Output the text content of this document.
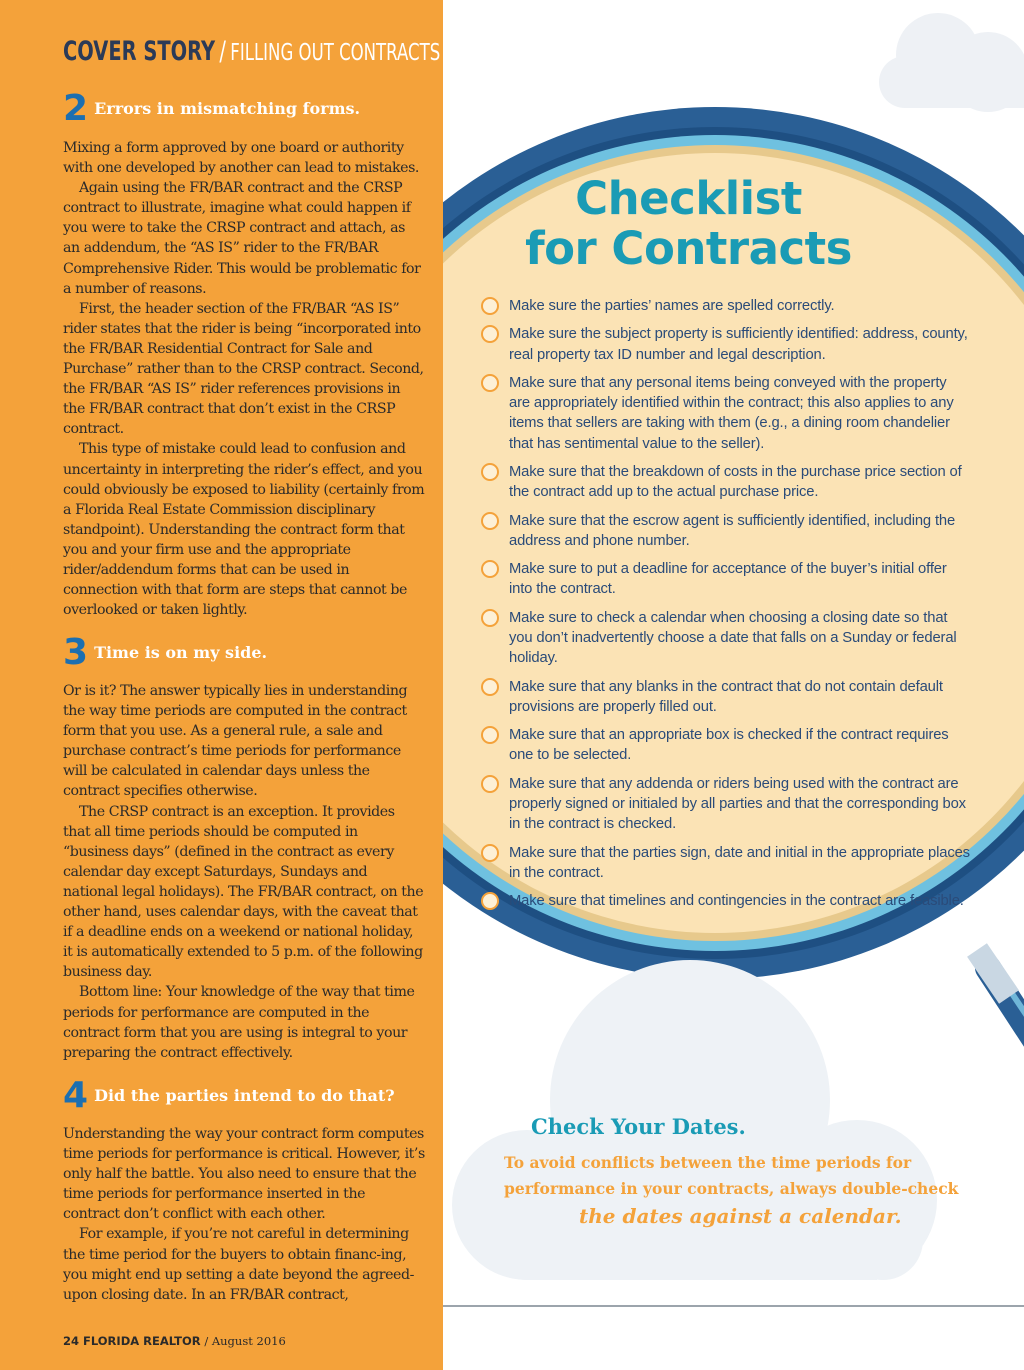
COVER STORY / FILLING OUT CONTRACTS
2 Errors in mismatching forms.

Mixing a form approved by one board or authority with one developed by another can lead to mistakes.

Again using the FR/BAR contract and the CRSP contract to illustrate, imagine what could happen if you were to take the CRSP contract and attach, as an addendum, the “AS IS” rider to the FR/BAR Comprehensive Rider. This would be problematic for a number of reasons.

First, the header section of the FR/BAR “AS IS” rider states that the rider is being “incorporated into the FR/BAR Residential Contract for Sale and Purchase” rather than to the CRSP contract. Second, the FR/BAR “AS IS” rider references provisions in the FR/BAR contract that don’t exist in the CRSP contract.

This type of mistake could lead to confusion and uncertainty in interpreting the rider’s effect, and you could obviously be exposed to liability (certainly from a Florida Real Estate Commission disciplinary standpoint). Understanding the contract form that you and your firm use and the appropriate rider/addendum forms that can be used in connection with that form are steps that cannot be overlooked or taken lightly.

3 Time is on my side.

Or is it? The answer typically lies in understanding the way time periods are computed in the contract form that you use. As a general rule, a sale and purchase contract’s time periods for performance will be calculated in calendar days unless the contract specifies otherwise.

The CRSP contract is an exception. It provides that all time periods should be computed in “business days” (defined in the contract as every calendar day except Saturdays, Sundays and national legal holidays). The FR/BAR contract, on the other hand, uses calendar days, with the caveat that if a deadline ends on a weekend or national holiday, it is automatically extended to 5 p.m. of the following business day.

Bottom line: Your knowledge of the way that time periods for performance are computed in the contract form that you are using is integral to your preparing the contract effectively.

4 Did the parties intend to do that?

Understanding the way your contract form computes time periods for performance is critical. However, it’s only half the battle. You also need to ensure that the time periods for performance inserted in the contract don’t conflict with each other.

For example, if you’re not careful in determining the time period for the buyers to obtain financ-ing, you might end up setting a date beyond the agreed-upon closing date. In an FR/BAR contract,

24 FLORIDA REALTOR / August 2016
Checklist
for Contracts
Make sure the parties’ names are spelled correctly.
Make sure the subject property is sufficiently identified: address, county, real property tax ID number and legal description.
Make sure that any personal items being conveyed with the property are appropriately identified within the contract; this also applies to any items that sellers are taking with them (e.g., a dining room chandelier that has sentimental value to the seller).
Make sure that the breakdown of costs in the purchase price section of the contract add up to the actual purchase price.
Make sure that the escrow agent is sufficiently identified, including the address and phone number.
Make sure to put a deadline for acceptance of the buyer’s initial offer into the contract.
Make sure to check a calendar when choosing a closing date so that you don’t inadvertently choose a date that falls on a Sunday or federal holiday.
Make sure that any blanks in the contract that do not contain default provisions are properly filled out.
Make sure that an appropriate box is checked if the contract requires one to be selected.
Make sure that any addenda or riders being used with the contract are properly signed or initialed by all parties and that the corresponding box in the contract is checked.
Make sure that the parties sign, date and initial in the appropriate places in the contract.
Make sure that timelines and contingencies in the contract are feasible.
Check Your Dates.
To avoid conflicts between the time periods for performance in your contracts, always double-check
the dates against a calendar.
